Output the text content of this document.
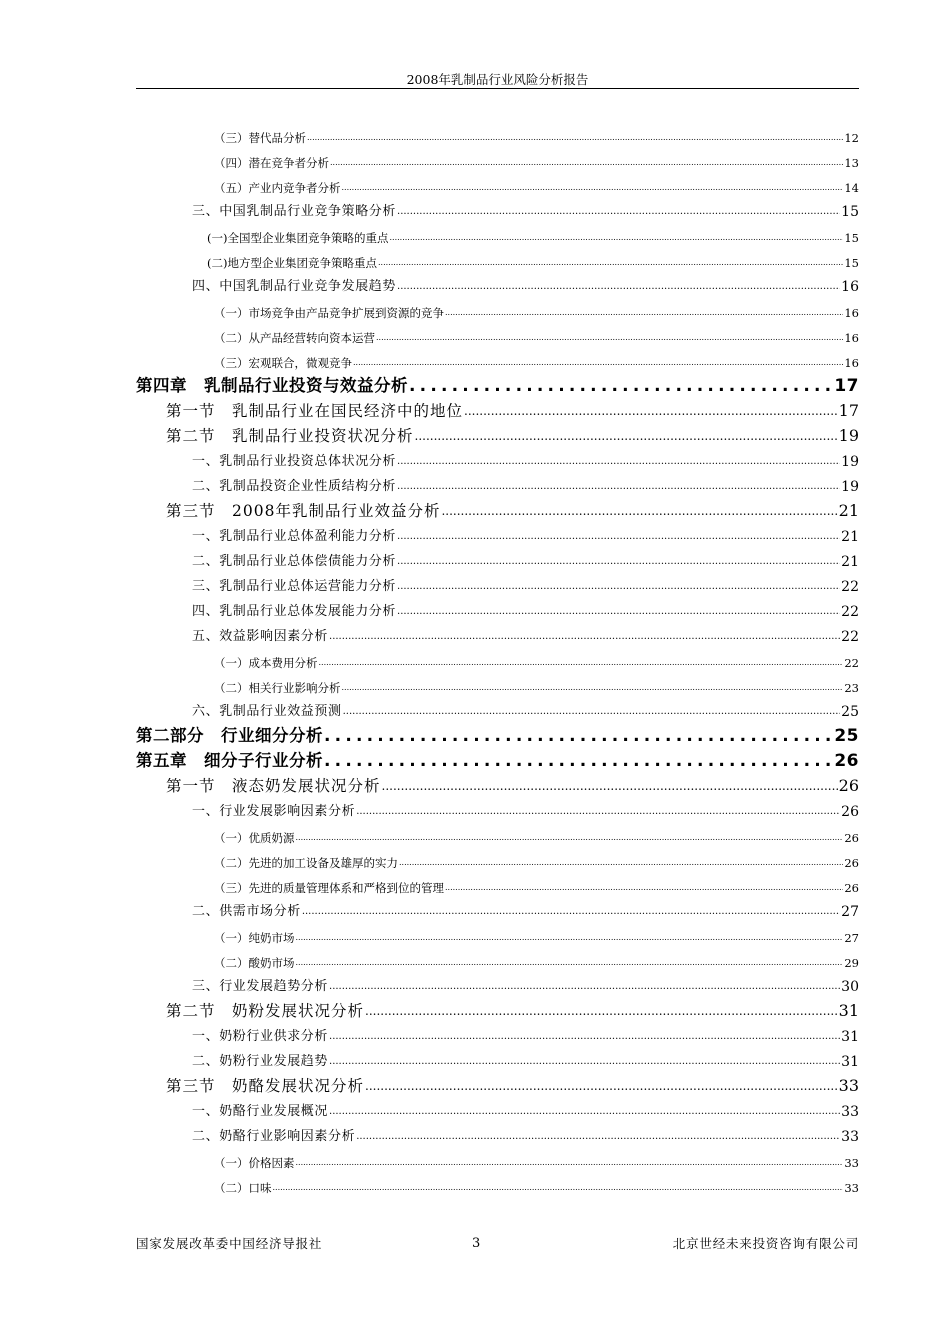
2008年乳制品行业风险分析报告
（三）替代品分析 .....	12
（四）潜在竞争者分析 .....	13
（五）产业内竞争者分析 .....	14
三、中国乳制品行业竞争策略分析 .....	15
(一)全国型企业集团竞争策略的重点 .....	15
(二)地方型企业集团竞争策略重点 .....	15
四、中国乳制品行业竞争发展趋势 .....	16
（一）市场竞争由产品竞争扩展到资源的竞争 .....	16
（二）从产品经营转向资本运营 .....	16
（三）宏观联合，微观竞争 .....	16
第四章　乳制品行业投资与效益分析 .....	17
第一节　乳制品行业在国民经济中的地位 .....	17
第二节　乳制品行业投资状况分析 .....	19
一、乳制品行业投资总体状况分析 .....	19
二、乳制品投资企业性质结构分析 .....	19
第三节　2008年乳制品行业效益分析 .....	21
一、乳制品行业总体盈利能力分析 .....	21
二、乳制品行业总体偿债能力分析 .....	21
三、乳制品行业总体运营能力分析 .....	22
四、乳制品行业总体发展能力分析 .....	22
五、效益影响因素分析 .....	22
（一）成本费用分析 .....	22
（二）相关行业影响分析 .....	23
六、乳制品行业效益预测 .....	25
第二部分　行业细分分析 .....	25
第五章　细分子行业分析 .....	26
第一节　液态奶发展状况分析 .....	26
一、行业发展影响因素分析 .....	26
（一）优质奶源 .....	26
（二）先进的加工设备及雄厚的实力 .....	26
（三）先进的质量管理体系和严格到位的管理 .....	26
二、供需市场分析 .....	27
（一）纯奶市场 .....	27
（二）酸奶市场 .....	29
三、行业发展趋势分析 .....	30
第二节　奶粉发展状况分析 .....	31
一、奶粉行业供求分析 .....	31
二、奶粉行业发展趋势 .....	31
第三节　奶酪发展状况分析 .....	33
一、奶酪行业发展概况 .....	33
二、奶酪行业影响因素分析 .....	33
（一）价格因素 .....	33
（二）口味 .....	33
国家发展改革委中国经济导报社	3	北京世经未来投资咨询有限公司
